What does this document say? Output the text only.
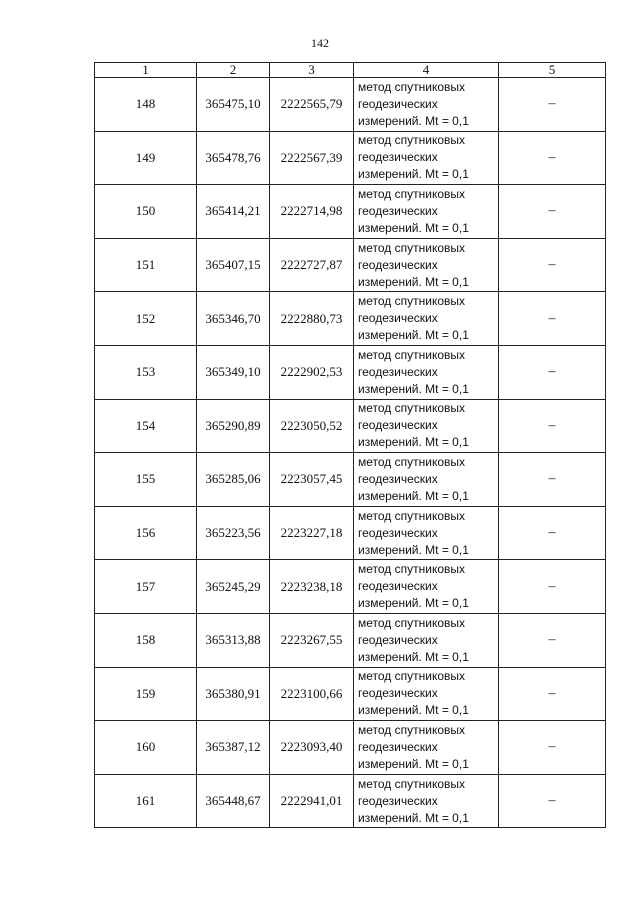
142
1	2	3	4	5
148	365475,10	2222565,79	метод спутниковых
геодезических
измерений. Mt = 0,1	–
149	365478,76	2222567,39	метод спутниковых
геодезических
измерений. Mt = 0,1	–
150	365414,21	2222714,98	метод спутниковых
геодезических
измерений. Mt = 0,1	–
151	365407,15	2222727,87	метод спутниковых
геодезических
измерений. Mt = 0,1	–
152	365346,70	2222880,73	метод спутниковых
геодезических
измерений. Mt = 0,1	–
153	365349,10	2222902,53	метод спутниковых
геодезических
измерений. Mt = 0,1	–
154	365290,89	2223050,52	метод спутниковых
геодезических
измерений. Mt = 0,1	–
155	365285,06	2223057,45	метод спутниковых
геодезических
измерений. Mt = 0,1	–
156	365223,56	2223227,18	метод спутниковых
геодезических
измерений. Mt = 0,1	–
157	365245,29	2223238,18	метод спутниковых
геодезических
измерений. Mt = 0,1	–
158	365313,88	2223267,55	метод спутниковых
геодезических
измерений. Mt = 0,1	–
159	365380,91	2223100,66	метод спутниковых
геодезических
измерений. Mt = 0,1	–
160	365387,12	2223093,40	метод спутниковых
геодезических
измерений. Mt = 0,1	–
161	365448,67	2222941,01	метод спутниковых
геодезических
измерений. Mt = 0,1	–
